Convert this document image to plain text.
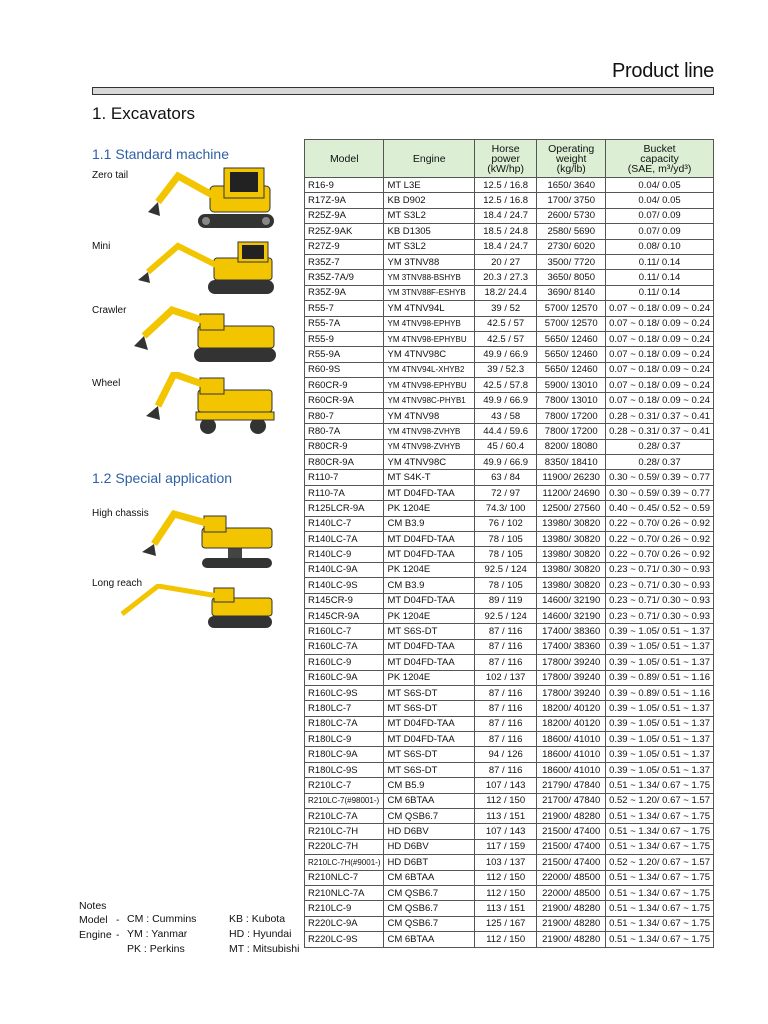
Product line
1. Excavators
1.1 Standard machine
Zero tail
Mini
Crawler
Wheel
1.2 Special application
High chassis
Long reach
Notes
Model -
Engine -
CM : Cummins
YM : Yanmar
PK : Perkins
KB : Kubota
HD : Hyundai
MT : Mitsubishi
Model	Engine	Horse
power
(kW/hp)	Operating
weight
(kg/lb)	Bucket
capacity
(SAE, m³/yd³)
R16-9	MT L3E	12.5 / 16.8	1650/ 3640	0.04/ 0.05
R17Z-9A	KB D902	12.5 / 16.8	1700/ 3750	0.04/ 0.05
R25Z-9A	MT S3L2	18.4 / 24.7	2600/ 5730	0.07/ 0.09
R25Z-9AK	KB D1305	18.5 / 24.8	2580/ 5690	0.07/ 0.09
R27Z-9	MT S3L2	18.4 / 24.7	2730/ 6020	0.08/ 0.10
R35Z-7	YM 3TNV88	20 / 27	3500/ 7720	0.11/ 0.14
R35Z-7A/9	YM 3TNV88-BSHYB	20.3 / 27.3	3650/ 8050	0.11/ 0.14
R35Z-9A	YM 3TNV88F-ESHYB	18.2/ 24.4	3690/ 8140	0.11/ 0.14
R55-7	YM 4TNV94L	39 / 52	5700/ 12570	0.07 ~ 0.18/ 0.09 ~ 0.24
R55-7A	YM 4TNV98-EPHYB	42.5 / 57	5700/ 12570	0.07 ~ 0.18/ 0.09 ~ 0.24
R55-9	YM 4TNV98-EPHYBU	42.5 / 57	5650/ 12460	0.07 ~ 0.18/ 0.09 ~ 0.24
R55-9A	YM 4TNV98C	49.9 / 66.9	5650/ 12460	0.07 ~ 0.18/ 0.09 ~ 0.24
R60-9S	YM 4TNV94L-XHYB2	39 / 52.3	5650/ 12460	0.07 ~ 0.18/ 0.09 ~ 0.24
R60CR-9	YM 4TNV98-EPHYBU	42.5 / 57.8	5900/ 13010	0.07 ~ 0.18/ 0.09 ~ 0.24
R60CR-9A	YM 4TNV98C-PHYB1	49.9 / 66.9	7800/ 13010	0.07 ~ 0.18/ 0.09 ~ 0.24
R80-7	YM 4TNV98	43 / 58	7800/ 17200	0.28 ~ 0.31/ 0.37 ~ 0.41
R80-7A	YM 4TNV98-ZVHYB	44.4 / 59.6	7800/ 17200	0.28 ~ 0.31/ 0.37 ~ 0.41
R80CR-9	YM 4TNV98-ZVHYB	45 / 60.4	8200/ 18080	0.28/ 0.37
R80CR-9A	YM 4TNV98C	49.9 / 66.9	8350/ 18410	0.28/ 0.37
R110-7	MT S4K-T	63 / 84	11900/ 26230	0.30 ~ 0.59/ 0.39 ~ 0.77
R110-7A	MT D04FD-TAA	72 / 97	11200/ 24690	0.30 ~ 0.59/ 0.39 ~ 0.77
R125LCR-9A	PK 1204E	74.3/ 100	12500/ 27560	0.40 ~ 0.45/ 0.52 ~ 0.59
R140LC-7	CM B3.9	76 / 102	13980/ 30820	0.22 ~ 0.70/ 0.26 ~ 0.92
R140LC-7A	MT D04FD-TAA	78 / 105	13980/ 30820	0.22 ~ 0.70/ 0.26 ~ 0.92
R140LC-9	MT D04FD-TAA	78 / 105	13980/ 30820	0.22 ~ 0.70/ 0.26 ~ 0.92
R140LC-9A	PK 1204E	92.5 / 124	13980/ 30820	0.23 ~ 0.71/ 0.30 ~ 0.93
R140LC-9S	CM B3.9	78 / 105	13980/ 30820	0.23 ~ 0.71/ 0.30 ~ 0.93
R145CR-9	MT D04FD-TAA	89 / 119	14600/ 32190	0.23 ~ 0.71/ 0.30 ~ 0.93
R145CR-9A	PK 1204E	92.5 / 124	14600/ 32190	0.23 ~ 0.71/ 0.30 ~ 0.93
R160LC-7	MT S6S-DT	87 / 116	17400/ 38360	0.39 ~ 1.05/ 0.51 ~ 1.37
R160LC-7A	MT D04FD-TAA	87 / 116	17400/ 38360	0.39 ~ 1.05/ 0.51 ~ 1.37
R160LC-9	MT D04FD-TAA	87 / 116	17800/ 39240	0.39 ~ 1.05/ 0.51 ~ 1.37
R160LC-9A	PK 1204E	102 / 137	17800/ 39240	0.39 ~ 0.89/ 0.51 ~ 1.16
R160LC-9S	MT S6S-DT	87 / 116	17800/ 39240	0.39 ~ 0.89/ 0.51 ~ 1.16
R180LC-7	MT S6S-DT	87 / 116	18200/ 40120	0.39 ~ 1.05/ 0.51 ~ 1.37
R180LC-7A	MT D04FD-TAA	87 / 116	18200/ 40120	0.39 ~ 1.05/ 0.51 ~ 1.37
R180LC-9	MT D04FD-TAA	87 / 116	18600/ 41010	0.39 ~ 1.05/ 0.51 ~ 1.37
R180LC-9A	MT S6S-DT	94 / 126	18600/ 41010	0.39 ~ 1.05/ 0.51 ~ 1.37
R180LC-9S	MT S6S-DT	87 / 116	18600/ 41010	0.39 ~ 1.05/ 0.51 ~ 1.37
R210LC-7	CM B5.9	107 / 143	21790/ 47840	0.51 ~ 1.34/ 0.67 ~ 1.75
R210LC-7(#98001-)	CM 6BTAA	112 / 150	21700/ 47840	0.52 ~ 1.20/ 0.67 ~ 1.57
R210LC-7A	CM QSB6.7	113 / 151	21900/ 48280	0.51 ~ 1.34/ 0.67 ~ 1.75
R210LC-7H	HD D6BV	107 / 143	21500/ 47400	0.51 ~ 1.34/ 0.67 ~ 1.75
R220LC-7H	HD D6BV	117 / 159	21500/ 47400	0.51 ~ 1.34/ 0.67 ~ 1.75
R210LC-7H(#9001-)	HD D6BT	103 / 137	21500/ 47400	0.52 ~ 1.20/ 0.67 ~ 1.57
R210NLC-7	CM 6BTAA	112 / 150	22000/ 48500	0.51 ~ 1.34/ 0.67 ~ 1.75
R210NLC-7A	CM QSB6.7	112 / 150	22000/ 48500	0.51 ~ 1.34/ 0.67 ~ 1.75
R210LC-9	CM QSB6.7	113 / 151	21900/ 48280	0.51 ~ 1.34/ 0.67 ~ 1.75
R220LC-9A	CM QSB6.7	125 / 167	21900/ 48280	0.51 ~ 1.34/ 0.67 ~ 1.75
R220LC-9S	CM 6BTAA	112 / 150	21900/ 48280	0.51 ~ 1.34/ 0.67 ~ 1.75
